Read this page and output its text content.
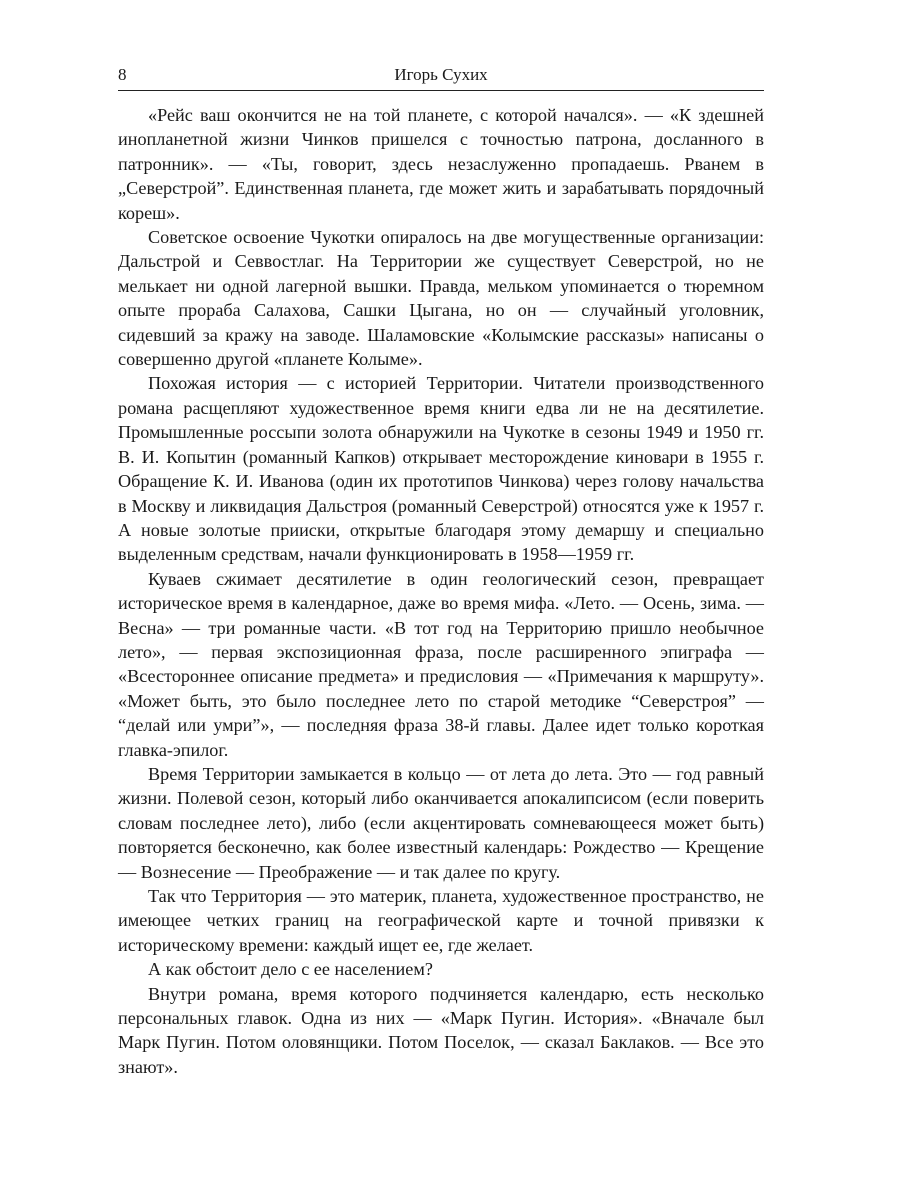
8	Игорь Сухих

«Рейс ваш окончится не на той планете, с которой начался». — «К здешней инопланетной жизни Чинков пришелся с точностью патрона, досланного в патронник». — «Ты, говорит, здесь незаслуженно пропадаешь. Рванем в „Северстрой”. Единственная планета, где может жить и зарабатывать порядочный кореш».

Советское освоение Чукотки опиралось на две могущественные организации: Дальстрой и Севвостлаг. На Территории же существует Северстрой, но не мелькает ни одной лагерной вышки. Правда, мельком упоминается о тюремном опыте прораба Салахова, Сашки Цыгана, но он — случайный уголовник, сидевший за кражу на заводе. Шаламовские «Колымские рассказы» написаны о совершенно другой «планете Колыме».

Похожая история — с историей Территории. Читатели производственного романа расщепляют художественное время книги едва ли не на десятилетие. Промышленные россыпи золота обнаружили на Чукотке в сезоны 1949 и 1950 гг. В. И. Копытин (романный Капков) открывает месторождение киновари в 1955 г. Обращение К. И. Иванова (один их прототипов Чинкова) через голову начальства в Москву и ликвидация Дальстроя (романный Северстрой) относятся уже к 1957 г. А новые золотые прииски, открытые благодаря этому демаршу и специально выделенным средствам, начали функционировать в 1958—1959 гг.

Куваев сжимает десятилетие в один геологический сезон, превращает историческое время в календарное, даже во время мифа. «Лето. — Осень, зима. — Весна» — три романные части. «В тот год на Территорию пришло необычное лето», — первая экспозиционная фраза, после расширенного эпиграфа — «Всестороннее описание предмета» и предисловия — «Примечания к маршруту». «Может быть, это было последнее лето по старой методике “Северстроя” — “делай или умри”», — последняя фраза 38-й главы. Далее идет только короткая главка-эпилог.

Время Территории замыкается в кольцо — от лета до лета. Это — год равный жизни. Полевой сезон, который либо оканчивается апокалипсисом (если поверить словам последнее лето), либо (если акцентировать сомневающееся может быть) повторяется бесконечно, как более известный календарь: Рождество — Крещение — Вознесение — Преображение — и так далее по кругу.

Так что Территория — это материк, планета, художественное пространство, не имеющее четких границ на географической карте и точной привязки к историческому времени: каждый ищет ее, где желает.

А как обстоит дело с ее населением?

Внутри романа, время которого подчиняется календарю, есть несколько персональных главок. Одна из них — «Марк Пугин. История». «Вначале был Марк Пугин. Потом оловянщики. Потом Поселок, — сказал Баклаков. — Все это знают».
